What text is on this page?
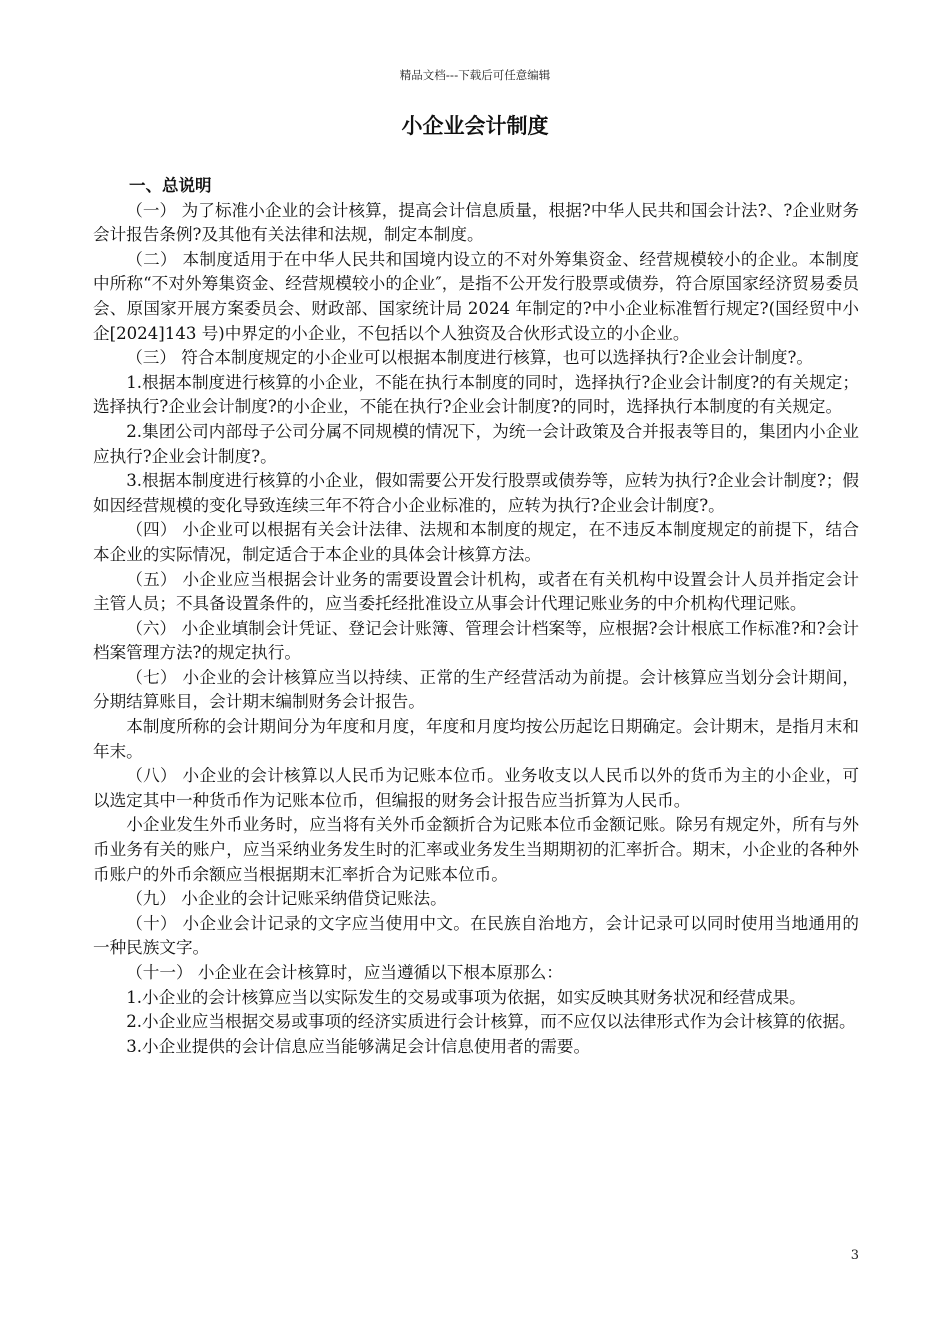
精品文档---下载后可任意编辑
小企业会计制度

一、总说明

（一） 为了标准小企业的会计核算，提高会计信息质量，根据?中华人民共和国会计法?、?企业财务会计报告条例?及其他有关法律和法规，制定本制度。

（二） 本制度适用于在中华人民共和国境内设立的不对外筹集资金、经营规模较小的企业。本制度中所称“不对外筹集资金、经营规模较小的企业″，是指不公开发行股票或债券，符合原国家经济贸易委员会、原国家开展方案委员会、财政部、国家统计局 2024 年制定的?中小企业标准暂行规定?(国经贸中小企[2024]143 号)中界定的小企业，不包括以个人独资及合伙形式设立的小企业。

（三） 符合本制度规定的小企业可以根据本制度进行核算，也可以选择执行?企业会计制度?。

1.根据本制度进行核算的小企业，不能在执行本制度的同时，选择执行?企业会计制度?的有关规定；选择执行?企业会计制度?的小企业，不能在执行?企业会计制度?的同时，选择执行本制度的有关规定。

2.集团公司内部母子公司分属不同规模的情况下，为统一会计政策及合并报表等目的，集团内小企业应执行?企业会计制度?。

3.根据本制度进行核算的小企业，假如需要公开发行股票或债券等，应转为执行?企业会计制度?；假如因经营规模的变化导致连续三年不符合小企业标准的，应转为执行?企业会计制度?。

（四） 小企业可以根据有关会计法律、法规和本制度的规定，在不违反本制度规定的前提下，结合本企业的实际情况，制定适合于本企业的具体会计核算方法。

（五） 小企业应当根据会计业务的需要设置会计机构，或者在有关机构中设置会计人员并指定会计主管人员；不具备设置条件的，应当委托经批准设立从事会计代理记账业务的中介机构代理记账。

（六） 小企业填制会计凭证、登记会计账簿、管理会计档案等，应根据?会计根底工作标准?和?会计档案管理方法?的规定执行。

（七） 小企业的会计核算应当以持续、正常的生产经营活动为前提。会计核算应当划分会计期间，分期结算账目，会计期末编制财务会计报告。

本制度所称的会计期间分为年度和月度，年度和月度均按公历起讫日期确定。会计期末，是指月末和年末。

（八） 小企业的会计核算以人民币为记账本位币。业务收支以人民币以外的货币为主的小企业，可以选定其中一种货币作为记账本位币，但编报的财务会计报告应当折算为人民币。

小企业发生外币业务时，应当将有关外币金额折合为记账本位币金额记账。除另有规定外，所有与外币业务有关的账户，应当采纳业务发生时的汇率或业务发生当期期初的汇率折合。期末，小企业的各种外币账户的外币余额应当根据期末汇率折合为记账本位币。

（九） 小企业的会计记账采纳借贷记账法。

（十） 小企业会计记录的文字应当使用中文。在民族自治地方，会计记录可以同时使用当地通用的一种民族文字。

（十一） 小企业在会计核算时，应当遵循以下根本原那么：

1.小企业的会计核算应当以实际发生的交易或事项为依据，如实反映其财务状况和经营成果。

2.小企业应当根据交易或事项的经济实质进行会计核算，而不应仅以法律形式作为会计核算的依据。

3.小企业提供的会计信息应当能够满足会计信息使用者的需要。

3
